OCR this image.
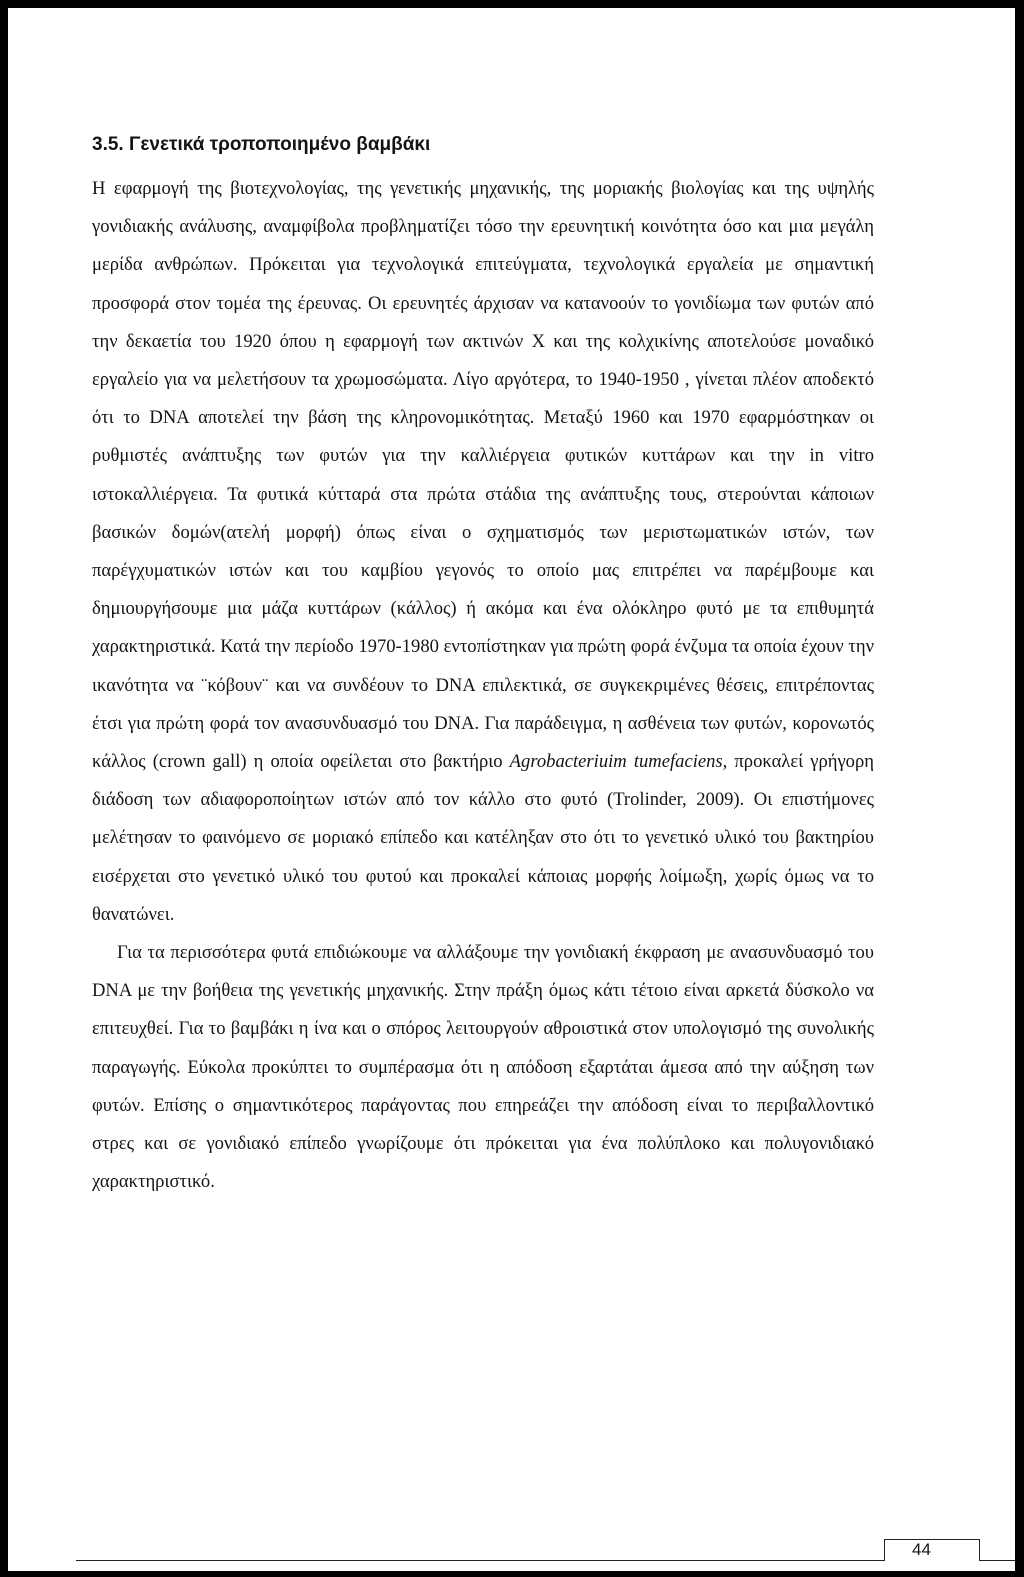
3.5. Γενετικά τροποποιημένο βαμβάκι

Η εφαρμογή της βιοτεχνολογίας, της γενετικής μηχανικής, της μοριακής βιολογίας και της υψηλής γονιδιακής ανάλυσης, αναμφίβολα προβληματίζει τόσο την ερευνητική κοινότητα όσο και μια μεγάλη μερίδα ανθρώπων. Πρόκειται για τεχνολογικά επιτεύγματα, τεχνολογικά εργαλεία με σημαντική προσφορά στον τομέα της έρευνας. Οι ερευνητές άρχισαν να κατανοούν το γονιδίωμα των φυτών από την δεκαετία του 1920 όπου η εφαρμογή των ακτινών Χ και της κολχικίνης αποτελούσε μοναδικό εργαλείο για να μελετήσουν τα χρωμοσώματα. Λίγο αργότερα, το 1940-1950 , γίνεται πλέον αποδεκτό ότι το DNA αποτελεί την βάση της κληρονομικότητας. Μεταξύ 1960 και 1970 εφαρμόστηκαν οι ρυθμιστές ανάπτυξης των φυτών για την καλλιέργεια φυτικών κυττάρων και την in vitro ιστοκαλλιέργεια. Τα φυτικά κύτταρά στα πρώτα στάδια της ανάπτυξης τους, στερούνται κάποιων βασικών δομών(ατελή μορφή) όπως είναι ο σχηματισμός των μεριστωματικών ιστών, των παρέγχυματικών ιστών και του καμβίου γεγονός το οποίο μας επιτρέπει να παρέμβουμε και δημιουργήσουμε μια μάζα κυττάρων (κάλλος) ή ακόμα και ένα ολόκληρο φυτό με τα επιθυμητά χαρακτηριστικά. Κατά την περίοδο 1970-1980 εντοπίστηκαν για πρώτη φορά ένζυμα τα οποία έχουν την ικανότητα να ¨κόβουν¨ και να συνδέουν το DNA επιλεκτικά, σε συγκεκριμένες θέσεις, επιτρέποντας έτσι για πρώτη φορά τον ανασυνδυασμό του DNA. Για παράδειγμα, η ασθένεια των φυτών, κορονωτός κάλλος (crown gall) η οποία οφείλεται στο βακτήριο Agrobacteriuim tumefaciens, προκαλεί γρήγορη διάδοση των αδιαφοροποίητων ιστών από τον κάλλο στο φυτό (Trolinder, 2009). Οι επιστήμονες μελέτησαν το φαινόμενο σε μοριακό επίπεδο και κατέληξαν στο ότι το γενετικό υλικό του βακτηρίου εισέρχεται στο γενετικό υλικό του φυτού και προκαλεί κάποιας μορφής λοίμωξη, χωρίς όμως να το θανατώνει.

Για τα περισσότερα φυτά επιδιώκουμε να αλλάξουμε την γονιδιακή έκφραση με ανασυνδυασμό του DNA με την βοήθεια της γενετικής μηχανικής. Στην πράξη όμως κάτι τέτοιο είναι αρκετά δύσκολο να επιτευχθεί. Για το βαμβάκι η ίνα και ο σπόρος λειτουργούν αθροιστικά στον υπολογισμό της συνολικής παραγωγής. Εύκολα προκύπτει το συμπέρασμα ότι η απόδοση εξαρτάται άμεσα από την αύξηση των φυτών. Επίσης ο σημαντικότερος παράγοντας που επηρεάζει την απόδοση είναι το περιβαλλοντικό στρες και σε γονιδιακό επίπεδο γνωρίζουμε ότι πρόκειται για ένα πολύπλοκο και πολυγονιδιακό χαρακτηριστικό.

44
